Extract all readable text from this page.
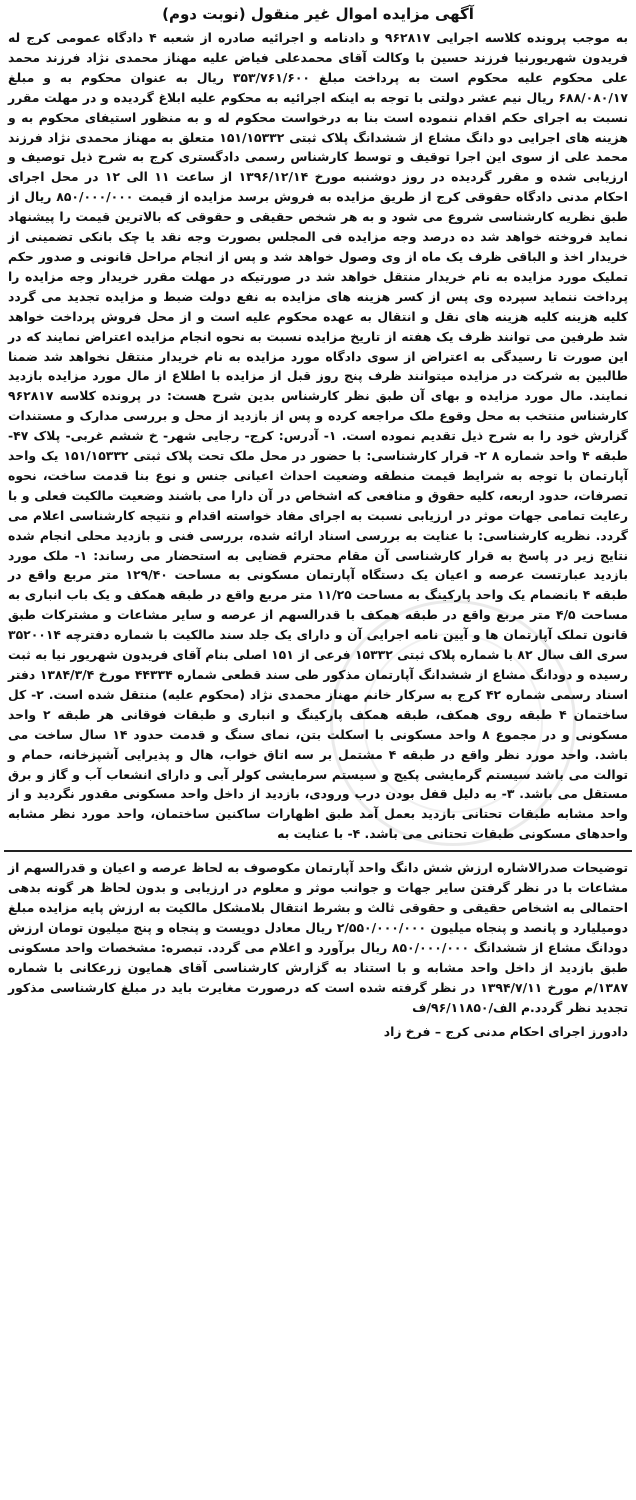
آگهی مزایده اموال غیر منقول (نوبت دوم)

به موجب پرونده کلاسه اجرایی ۹۶۲۸۱۷ و دادنامه و اجرائیه صادره از شعبه ۴ دادگاه عمومی کرج له فریدون شهریورنیا فرزند حسین با وکالت آقای محمدعلی فیاض علیه مهناز محمدی نژاد فرزند محمد علی محکوم علیه محکوم است به پرداخت مبلغ ۳۵۳/۷۶۱/۶۰۰ ریال به عنوان محکوم به و مبلغ ۶۸۸/۰۸۰/۱۷ ریال نیم عشر دولتی با توجه به اینکه اجرائیه به محکوم علیه ابلاغ گردیده و در مهلت مقرر نسبت به اجرای حکم اقدام ننموده است بنا به درخواست محکوم له و به منظور استیفای محکوم به و هزینه های اجرایی دو دانگ مشاع از ششدانگ پلاک ثبتی ۱۵۱/۱۵۳۳۲ متعلق به مهناز محمدی نژاد فرزند محمد علی از سوی این اجرا توقیف و توسط کارشناس رسمی دادگستری کرج به شرح ذیل توصیف و ارزیابی شده و مقرر گردیده در روز دوشنبه مورخ ۱۳۹۶/۱۲/۱۴ از ساعت ۱۱ الی ۱۲ در محل اجرای احکام مدنی دادگاه حقوقی کرج از طریق مزایده به فروش برسد مزایده از قیمت ۸۵۰/۰۰۰/۰۰۰ ریال از طبق نظریه کارشناسی شروع می شود و به هر شخص حقیقی و حقوقی که بالاترین قیمت را پیشنهاد نماید فروخته خواهد شد ده درصد وجه مزایده فی المجلس بصورت وجه نقد یا چک بانکی تضمینی از خریدار اخذ و الباقی ظرف یک ماه از وی وصول خواهد شد و پس از انجام مراحل قانونی و صدور حکم تملیک مورد مزایده به نام خریدار منتقل خواهد شد در صورتیکه در مهلت مقرر خریدار وجه مزایده را پرداخت ننماید سپرده وی پس از کسر هزینه های مزایده به نفع دولت ضبط و مزایده تجدید می گردد کلیه هزینه کلیه هزینه های نقل و انتقال به عهده محکوم علیه است و از محل فروش پرداخت خواهد شد طرفین می توانند ظرف یک هفته از تاریخ مزایده نسبت به نحوه انجام مزایده اعتراض نمایند که در این صورت تا رسیدگی به اعتراض از سوی دادگاه مورد مزایده به نام خریدار منتقل نخواهد شد ضمنا طالبین به شرکت در مزایده میتوانند ظرف پنج روز قبل از مزایده با اطلاع از مال مورد مزایده بازدید نمایند. مال مورد مزایده و بهای آن طبق نظر کارشناس بدین شرح هست: در پرونده کلاسه ۹۶۲۸۱۷ کارشناس منتخب به محل وقوع ملک مراجعه کرده و پس از بازدید از محل و بررسی مدارک و مستندات گزارش خود را به شرح ذیل تقدیم نموده است. ۱- آدرس: کرج- رجایی شهر- خ ششم غربی- پلاک ۴۷- طبقه ۴ واحد شماره ۸ ۲- قرار کارشناسی: با حضور در محل ملک تحت پلاک ثبتی ۱۵۱/۱۵۳۳۲ یک واحد آپارتمان با توجه به شرایط قیمت منطقه وضعیت احداث اعیانی جنس و نوع بنا قدمت ساخت، نحوه تصرفات، حدود اربعه، کلیه حقوق و منافعی که اشخاص در آن دارا می باشند وضعیت مالکیت فعلی و با رعایت تمامی جهات موثر در ارزیابی نسبت به اجرای مفاد خواسته اقدام و نتیجه کارشناسی اعلام می گردد. نظریه کارشناسی: با عنایت به بررسی اسناد ارائه شده، بررسی فنی و بازدید محلی انجام شده نتایج زیر در پاسخ به قرار کارشناسی آن مقام محترم قضایی به استحضار می رساند: ۱- ملک مورد بازدید عبارتست عرصه و اعیان یک دستگاه آپارتمان مسکونی به مساحت ۱۲۹/۴۰ متر مربع واقع در طبقه ۴ بانضمام یک واحد پارکینگ به مساحت ۱۱/۲۵ متر مربع واقع در طبقه همکف و یک باب انباری به مساحت ۴/۵ متر مربع واقع در طبقه همکف با قدرالسهم از عرصه و سایر مشاعات و مشترکات طبق قانون تملک آپارتمان ها و آیین نامه اجرایی آن و دارای یک جلد سند مالکیت با شماره دفترچه ۳۵۲۰۰۱۴ سری الف سال ۸۲ با شماره پلاک ثبتی ۱۵۳۳۲ فرعی از ۱۵۱ اصلی بنام آقای فریدون شهریور نیا به ثبت رسیده و دودانگ مشاع از ششدانگ آپارتمان مذکور طی سند قطعی شماره ۴۴۳۳۴ مورخ ۱۳۸۴/۳/۴ دفتر اسناد رسمی شماره ۴۲ کرج به سرکار خانم مهناز محمدی نژاد (محکوم علیه) منتقل شده است. ۲- کل ساختمان ۴ طبقه روی همکف، طبقه همکف پارکینگ و انباری و طبقات فوقانی هر طبقه ۲ واحد مسکونی و در مجموع ۸ واحد مسکونی با اسکلت بتن، نمای سنگ و قدمت حدود ۱۴ سال ساخت می باشد. واحد مورد نظر واقع در طبقه ۴ مشتمل بر سه اتاق خواب، هال و پذیرایی آشپزخانه، حمام و توالت می باشد سیستم گرمایشی پکیج و سیستم سرمایشی کولر آبی و دارای انشعاب آب و گاز و برق مستقل می باشد. ۳- به دلیل قفل بودن درب ورودی، بازدید از داخل واحد مسکونی مقدور نگردید و از واحد مشابه طبقات تحتانی بازدید بعمل آمد طبق اظهارات ساکنین ساختمان، واحد مورد نظر مشابه واحدهای مسکونی طبقات تحتانی می باشد. ۴- با عنایت به

توضیحات صدرالاشاره ارزش شش دانگ واحد آپارتمان مکوصوف به لحاظ عرصه و اعیان و قدرالسهم از مشاعات با در نظر گرفتن سایر جهات و جوانب موثر و معلوم در ارزیابی و بدون لحاظ هر گونه بدهی احتمالی به اشخاص حقیقی و حقوقی ثالث و بشرط انتقال بلامشکل مالکیت به ارزش پایه مزایده مبلغ دومیلیارد و پانصد و پنجاه میلیون ۲/۵۵۰/۰۰۰/۰۰۰ ریال معادل دویست و پنجاه و پنج میلیون تومان ارزش دودانگ مشاع از ششدانگ ۸۵۰/۰۰۰/۰۰۰ ریال برآورد و اعلام می گردد. تبصره: مشخصات واحد مسکونی طبق بازدید از داخل واحد مشابه و با استناد به گزارش کارشناسی آقای همایون زرعکانی با شماره ۱۳۸۷/م مورخ ۱۳۹۴/۷/۱۱ در نظر گرفته شده است که درصورت مغایرت باید در مبلغ کارشناسی مذکور تجدید نظر گردد.م الف/۹۶/۱۱۸۵۰/ف

دادورز اجرای احکام مدنی کرج – فرخ زاد
